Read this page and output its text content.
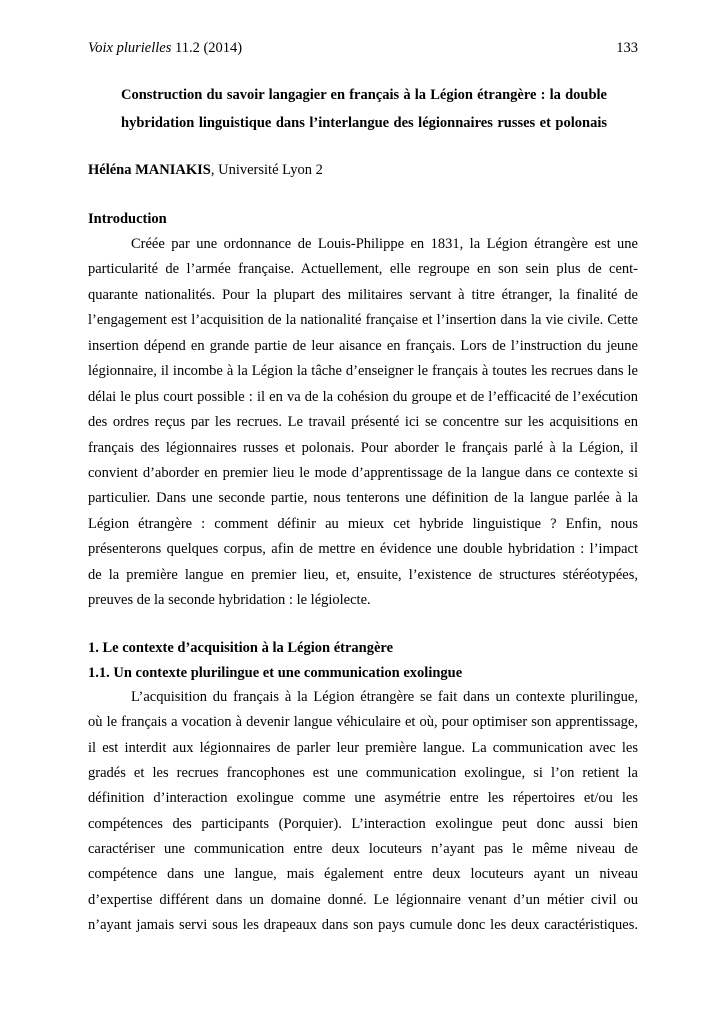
Voix plurielles 11.2 (2014)	133
Construction du savoir langagier en français à la Légion étrangère : la double
hybridation linguistique dans l’interlangue des légionnaires russes et polonais
Héléna MANIAKIS, Université Lyon 2
Introduction
Créée par une ordonnance de Louis-Philippe en 1831, la Légion étrangère est une
particularité de l’armée française. Actuellement, elle regroupe en son sein plus de cent-
quarante nationalités. Pour la plupart des militaires servant à titre étranger, la finalité de
l’engagement est l’acquisition de la nationalité française et l’insertion dans la vie civile. Cette
insertion dépend en grande partie de leur aisance en français. Lors de l’instruction du jeune
légionnaire, il incombe à la Légion la tâche d’enseigner le français à toutes les recrues dans le
délai le plus court possible : il en va de la cohésion du groupe et de l’efficacité de l’exécution
des ordres reçus par les recrues. Le travail présenté ici se concentre sur les acquisitions en
français des légionnaires russes et polonais. Pour aborder le français parlé à la Légion, il
convient d’aborder en premier lieu le mode d’apprentissage de la langue dans ce contexte si
particulier. Dans une seconde partie, nous tenterons une définition de la langue parlée à la
Légion étrangère : comment définir au mieux cet hybride linguistique ? Enfin, nous
présenterons quelques corpus, afin de mettre en évidence une double hybridation : l’impact
de la première langue en premier lieu, et, ensuite, l’existence de structures stéréotypées,
preuves de la seconde hybridation : le légiolecte.
1. Le contexte d’acquisition à la Légion étrangère
1.1. Un contexte plurilingue et une communication exolingue
L’acquisition du français à la Légion étrangère se fait dans un contexte plurilingue,
où le français a vocation à devenir langue véhiculaire et où, pour optimiser son apprentissage,
il est interdit aux légionnaires de parler leur première langue. La communication avec les
gradés et les recrues francophones est une communication exolingue, si l’on retient la
définition d’interaction exolingue comme une asymétrie entre les répertoires et/ou les
compétences des participants (Porquier). L’interaction exolingue peut donc aussi bien
caractériser une communication entre deux locuteurs n’ayant pas le même niveau de
compétence dans une langue, mais également entre deux locuteurs ayant un niveau
d’expertise différent dans un domaine donné. Le légionnaire venant d’un métier civil ou
n’ayant jamais servi sous les drapeaux dans son pays cumule donc les deux caractéristiques.
